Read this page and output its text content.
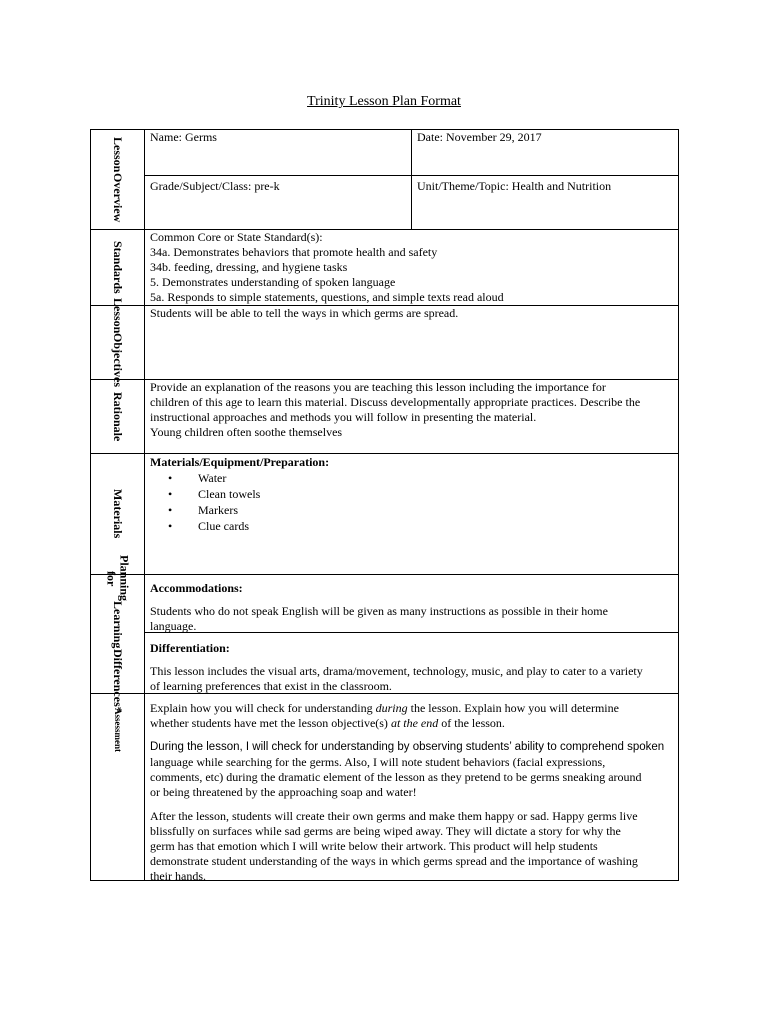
Trinity Lesson Plan Format
Lesson
Overview
Standards
Lesson
Objectives
Rationale
Materials
Planning for
Learning
Differences*
Assessment
Name: Germs	Date: November 29, 2017
Grade/Subject/Class: pre-k	Unit/Theme/Topic: Health and Nutrition

Common Core or State Standard(s):

34a. Demonstrates behaviors that promote health and safety

34b. feeding, dressing, and hygiene tasks

5. Demonstrates understanding of spoken language

5a. Responds to simple statements, questions, and simple texts read aloud

Students will be able to tell the ways in which germs are spread.

Provide an explanation of the reasons you are teaching this lesson including the importance for

children of this age to learn this material. Discuss developmentally appropriate practices. Describe the

instructional approaches and methods you will follow in presenting the material.

Young children often soothe themselves

Materials/Equipment/Preparation:

• Water
• Clean towels
• Markers
• Clue cards

Accommodations:

Students who do not speak English will be given as many instructions as possible in their home

language.

Differentiation:

This lesson includes the visual arts, drama/movement, technology, music, and play to cater to a variety

of learning preferences that exist in the classroom.

Explain how you will check for understanding during the lesson. Explain how you will determine

whether students have met the lesson objective(s) at the end of the lesson.

During the lesson, I will check for understanding by observing students’ ability to comprehend spoken

language while searching for the germs. Also, I will note student behaviors (facial expressions,

comments, etc) during the dramatic element of the lesson as they pretend to be germs sneaking around

or being threatened by the approaching soap and water!

After the lesson, students will create their own germs and make them happy or sad. Happy germs live

blissfully on surfaces while sad germs are being wiped away. They will dictate a story for why the

germ has that emotion which I will write below their artwork. This product will help students

demonstrate student understanding of the ways in which germs spread and the importance of washing

their hands.
